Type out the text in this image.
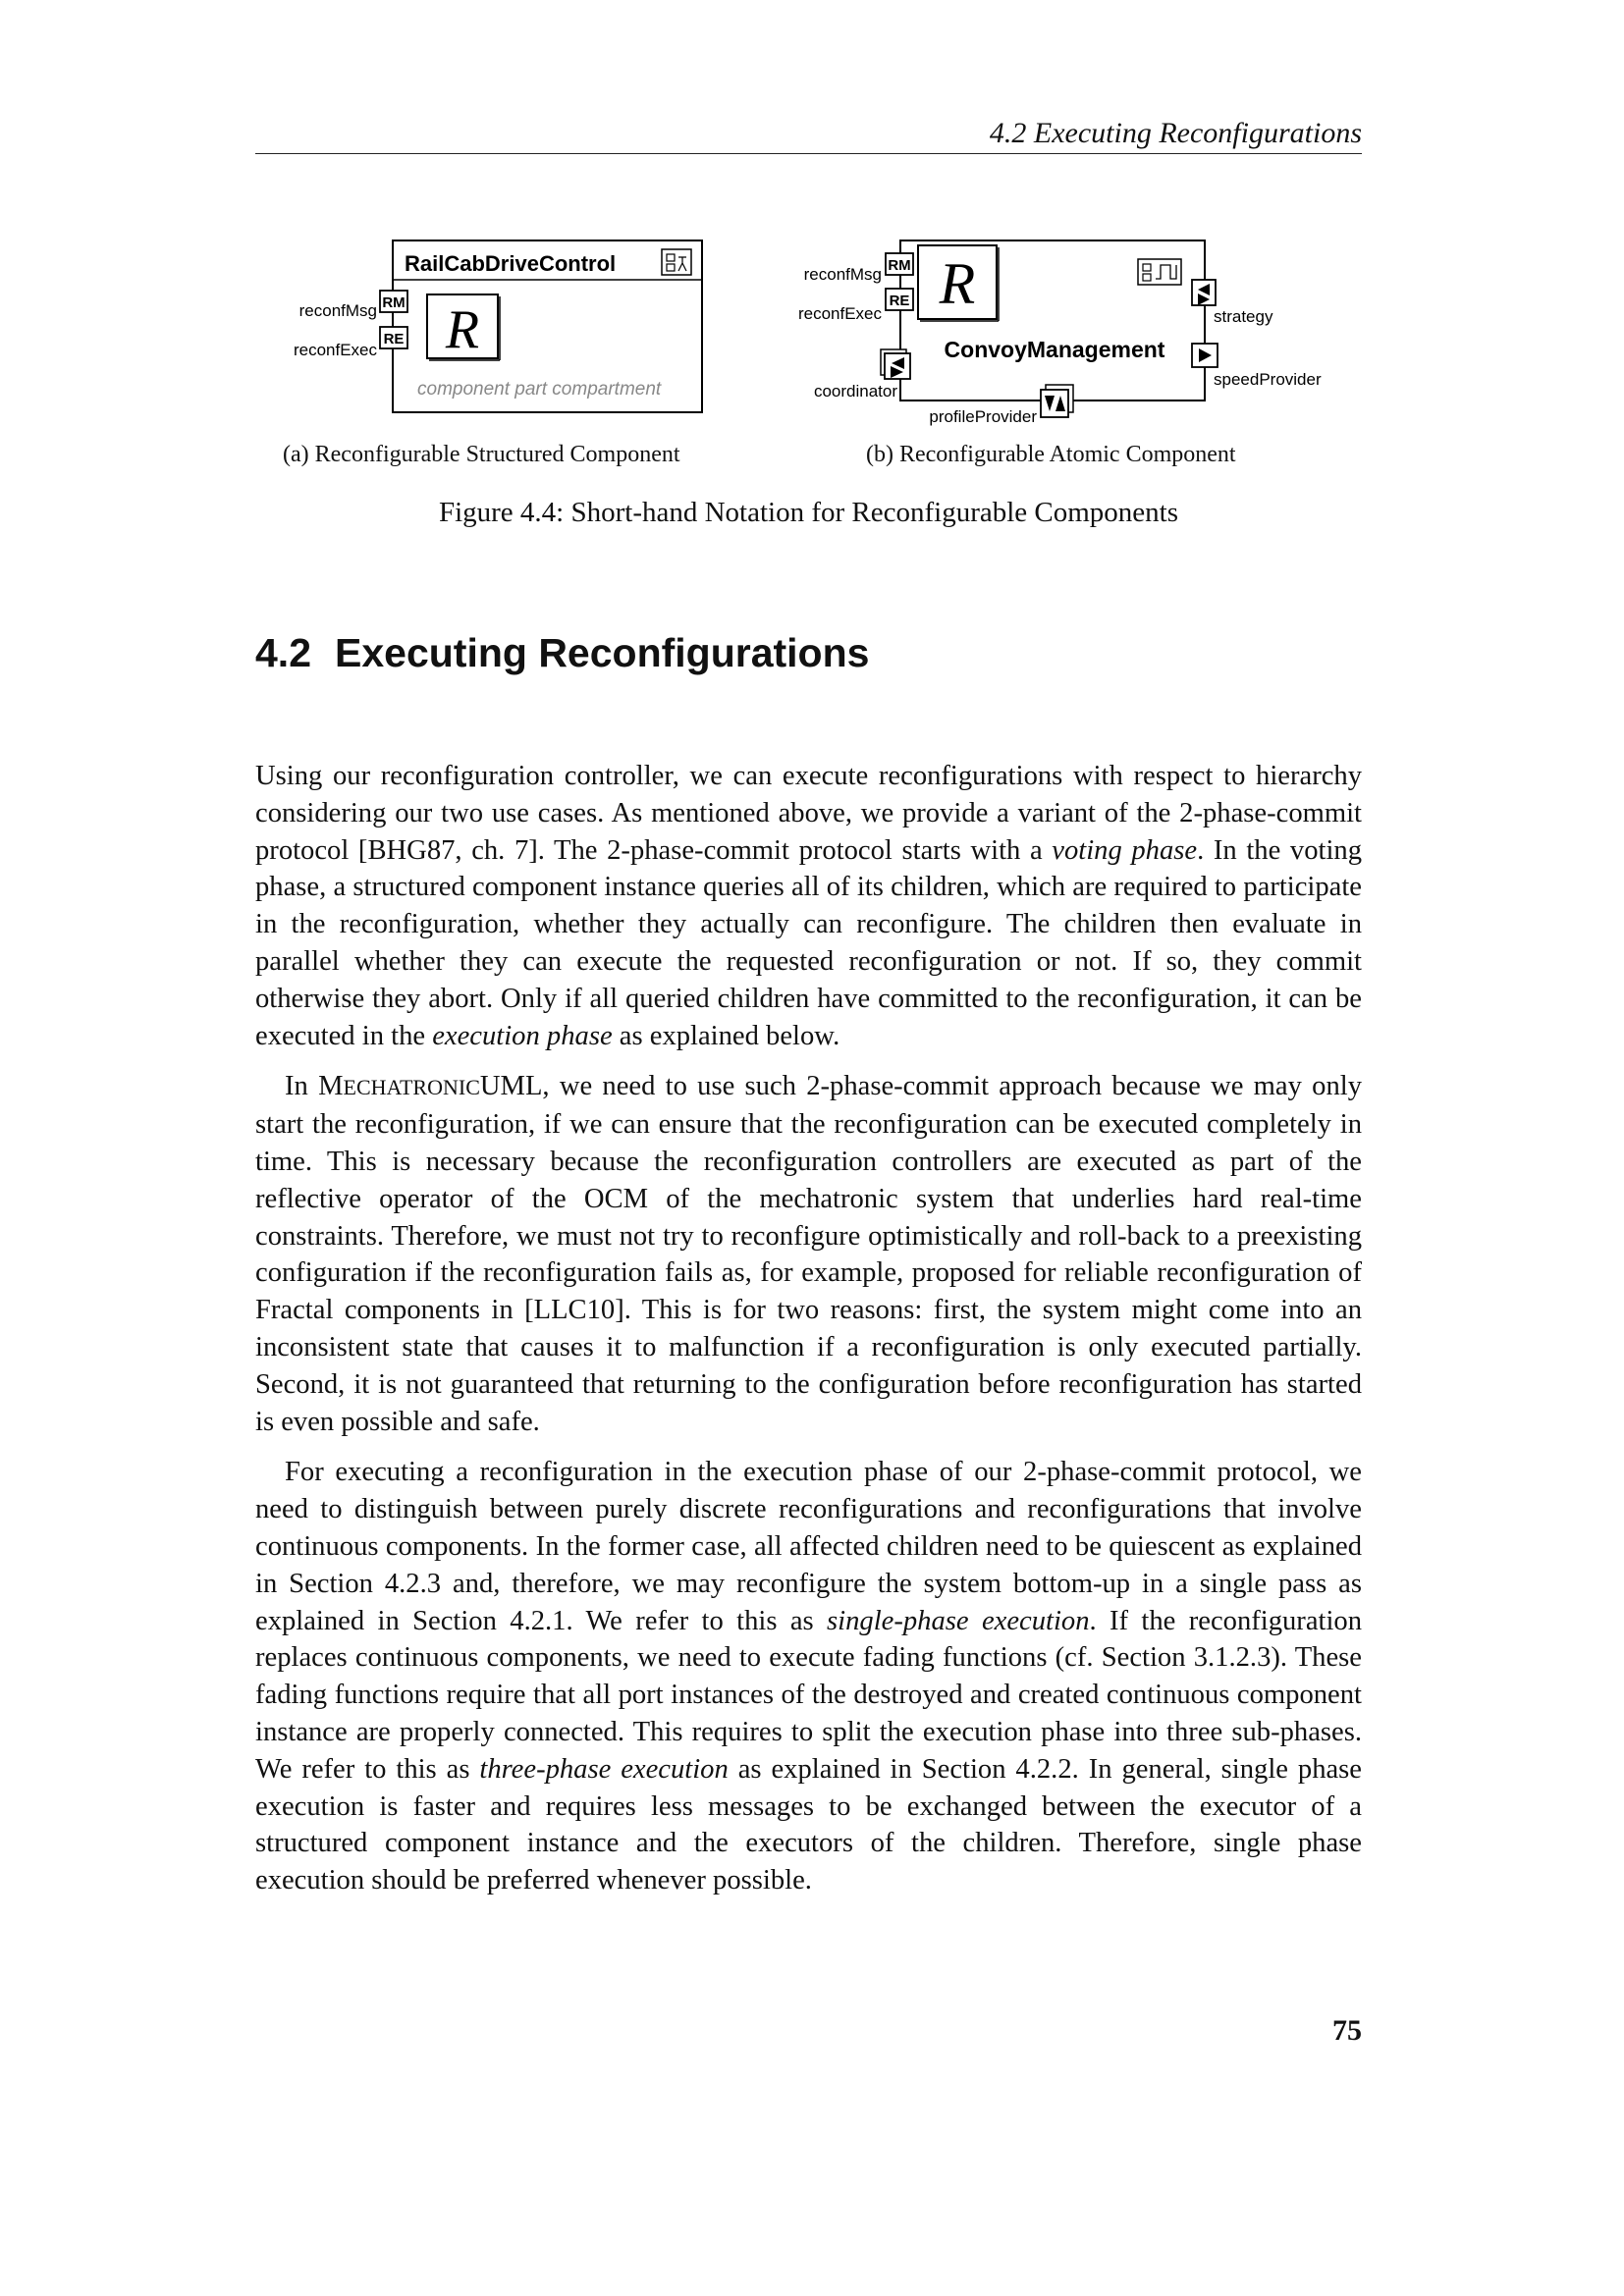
4.2 Executing Reconfigurations
RailCabDriveControl
R
RM
RE
reconfMsg
reconfExec
component part compartment
R
ConvoyManagement
RM
RE
reconfMsg
reconfExec
coordinator
strategy
speedProvider
profileProvider
(a) Reconfigurable Structured Component	(b) Reconfigurable Atomic Component
Figure 4.4: Short-hand Notation for Reconfigurable Components
4.2 Executing Reconfigurations

Using our reconfiguration controller, we can execute reconfigurations with respect to hierarchy considering our two use cases. As mentioned above, we provide a variant of the 2-phase-commit protocol [BHG87, ch. 7]. The 2-phase-commit protocol starts with a voting phase. In the voting phase, a structured component instance queries all of its children, which are required to participate in the reconfiguration, whether they actually can reconfigure. The children then evaluate in parallel whether they can execute the requested reconfiguration or not. If so, they commit otherwise they abort. Only if all queried children have committed to the reconfiguration, it can be executed in the execution phase as explained below.

In MECHATRONICUML, we need to use such 2-phase-commit approach because we may only start the reconfiguration, if we can ensure that the reconfiguration can be executed completely in time. This is necessary because the reconfiguration controllers are executed as part of the reflective operator of the OCM of the mechatronic system that underlies hard real-time constraints. Therefore, we must not try to reconfigure optimistically and roll-back to a preexisting configuration if the reconfiguration fails as, for example, proposed for reliable reconfiguration of Fractal components in [LLC10]. This is for two reasons: first, the system might come into an inconsistent state that causes it to malfunction if a reconfiguration is only executed partially. Second, it is not guaranteed that returning to the configuration before reconfiguration has started is even possible and safe.

For executing a reconfiguration in the execution phase of our 2-phase-commit protocol, we need to distinguish between purely discrete reconfigurations and reconfigurations that involve continuous components. In the former case, all affected children need to be quiescent as explained in Section 4.2.3 and, therefore, we may reconfigure the system bottom-up in a single pass as explained in Section 4.2.1. We refer to this as single-phase execution. If the reconfiguration replaces continuous components, we need to execute fading functions (cf. Section 3.1.2.3). These fading functions require that all port instances of the destroyed and created continuous component instance are properly connected. This requires to split the execution phase into three sub-phases. We refer to this as three-phase execution as explained in Section 4.2.2. In general, single phase execution is faster and requires less messages to be exchanged between the executor of a structured component instance and the executors of the children. Therefore, single phase execution should be preferred whenever possible.

75
